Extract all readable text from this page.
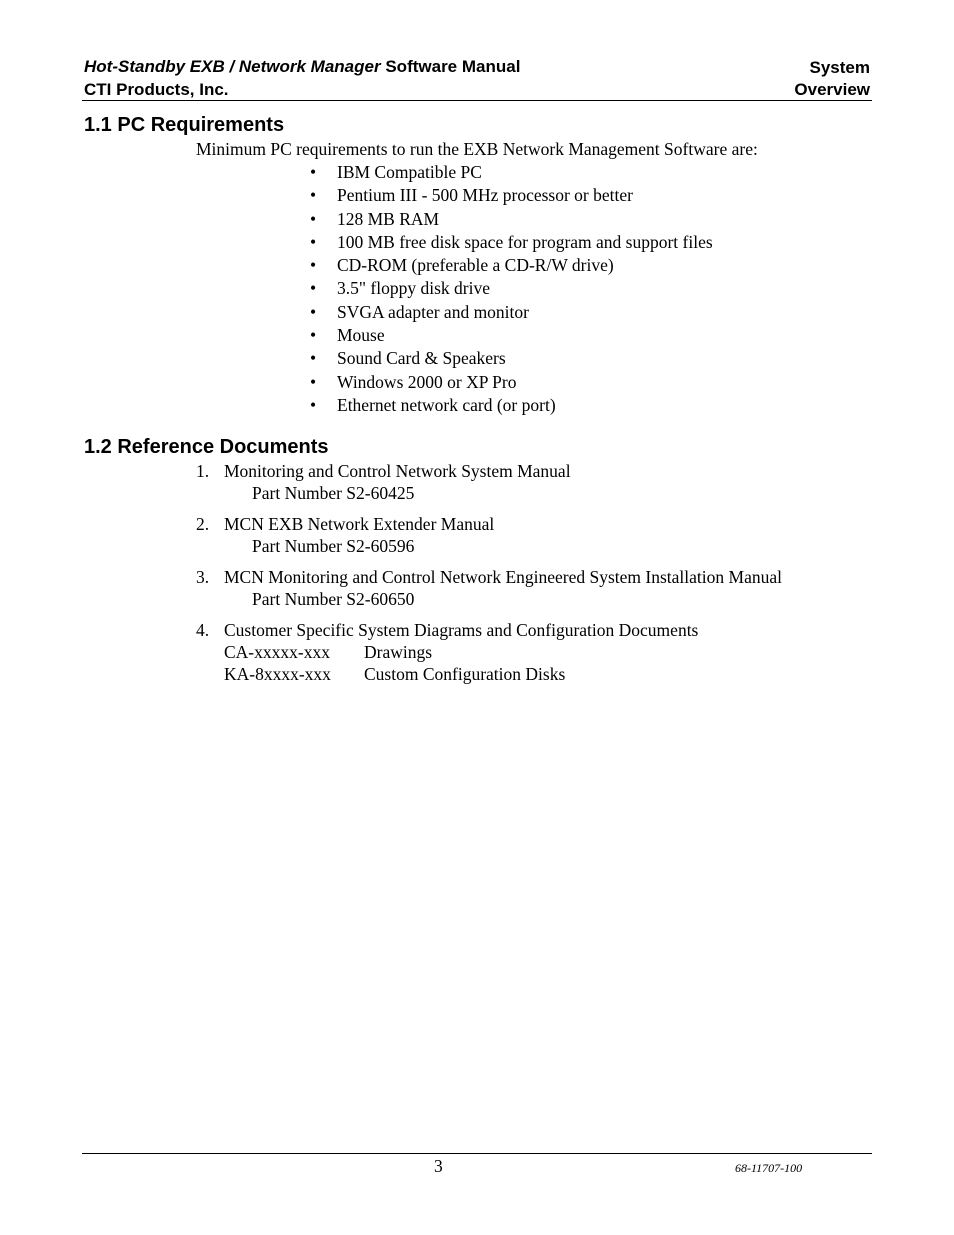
Hot-Standby EXB / Network Manager Software Manual
CTI Products, Inc.
System
Overview
1.1 PC Requirements
Minimum PC requirements to run the EXB Network Management Software are:
• IBM Compatible PC
• Pentium III - 500 MHz processor or better
• 128 MB RAM
• 100 MB free disk space for program and support files
• CD-ROM (preferable a CD-R/W drive)
• 3.5" floppy disk drive
• SVGA adapter and monitor
• Mouse
• Sound Card & Speakers
• Windows 2000 or XP Pro
• Ethernet network card (or port)
1.2 Reference Documents
1. Monitoring and Control Network System Manual
Part Number S2-60425
2. MCN EXB Network Extender Manual
Part Number S2-60596
3. MCN Monitoring and Control Network Engineered System Installation Manual
Part Number S2-60650
4. Customer Specific System Diagrams and Configuration Documents
CA-xxxxx-xxx	Drawings
KA-8xxxx-xxx	Custom Configuration Disks
3	68-11707-100
